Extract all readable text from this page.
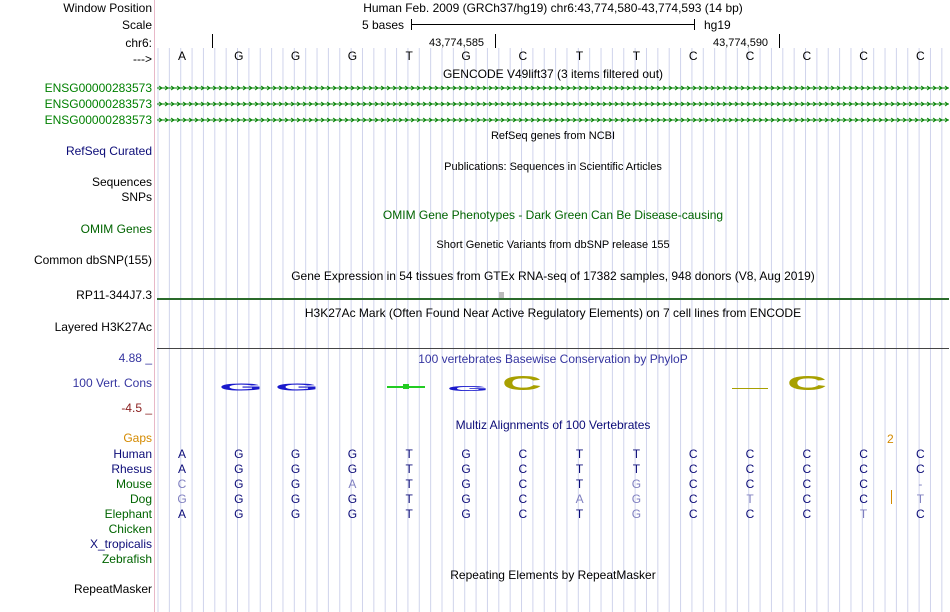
Window Position	Human Feb. 2009 (GRCh37/hg19) chr6:43,774,580-43,774,593 (14 bp)
Scale	5 bases	hg19
chr6:	43,774,585	43,774,590
---> A	G	G	G	T	G	C	T	T	C	C	C	C	C
GENCODE V49lift37 (3 items filtered out)
ENSG00000283573
ENSG00000283573
ENSG00000283573
RefSeq genes from NCBI
RefSeq Curated
Publications: Sequences in Scientific Articles
Sequences
SNPs
OMIM Gene Phenotypes - Dark Green Can Be Disease-causing
OMIM Genes
Short Genetic Variants from dbSNP release 155
Common dbSNP(155)
Gene Expression in 54 tissues from GTEx RNA-seq of 17382 samples, 948 donors (V8, Aug 2019)
RP11-344J7.3
H3K27Ac Mark (Often Found Near Active Regulatory Elements) on 7 cell lines from ENCODE
Layered H3K27Ac
100 vertebrates Basewise Conservation by PhyloP
4.88 _
100 Vert. Cons
-4.5 _
G G	G C	C
Multiz Alignments of 100 Vertebrates
Gaps	2
Human A	G	G	G	T	G	C	T	T	C	C	C	C	C
Rhesus A	G	G	G	T	G	C	T	T	C	C	C	C	C
Mouse C	G	G	A	T	G	C	T	G	C	C	C	C	-
Dog G	G	G	G	T	G	C	A	G	C	T	C	C	T
Elephant A	G	G	G	T	G	C	T	G	C	C	C	T	C
Chicken
X_tropicalis
Zebrafish
Repeating Elements by RepeatMasker
RepeatMasker
